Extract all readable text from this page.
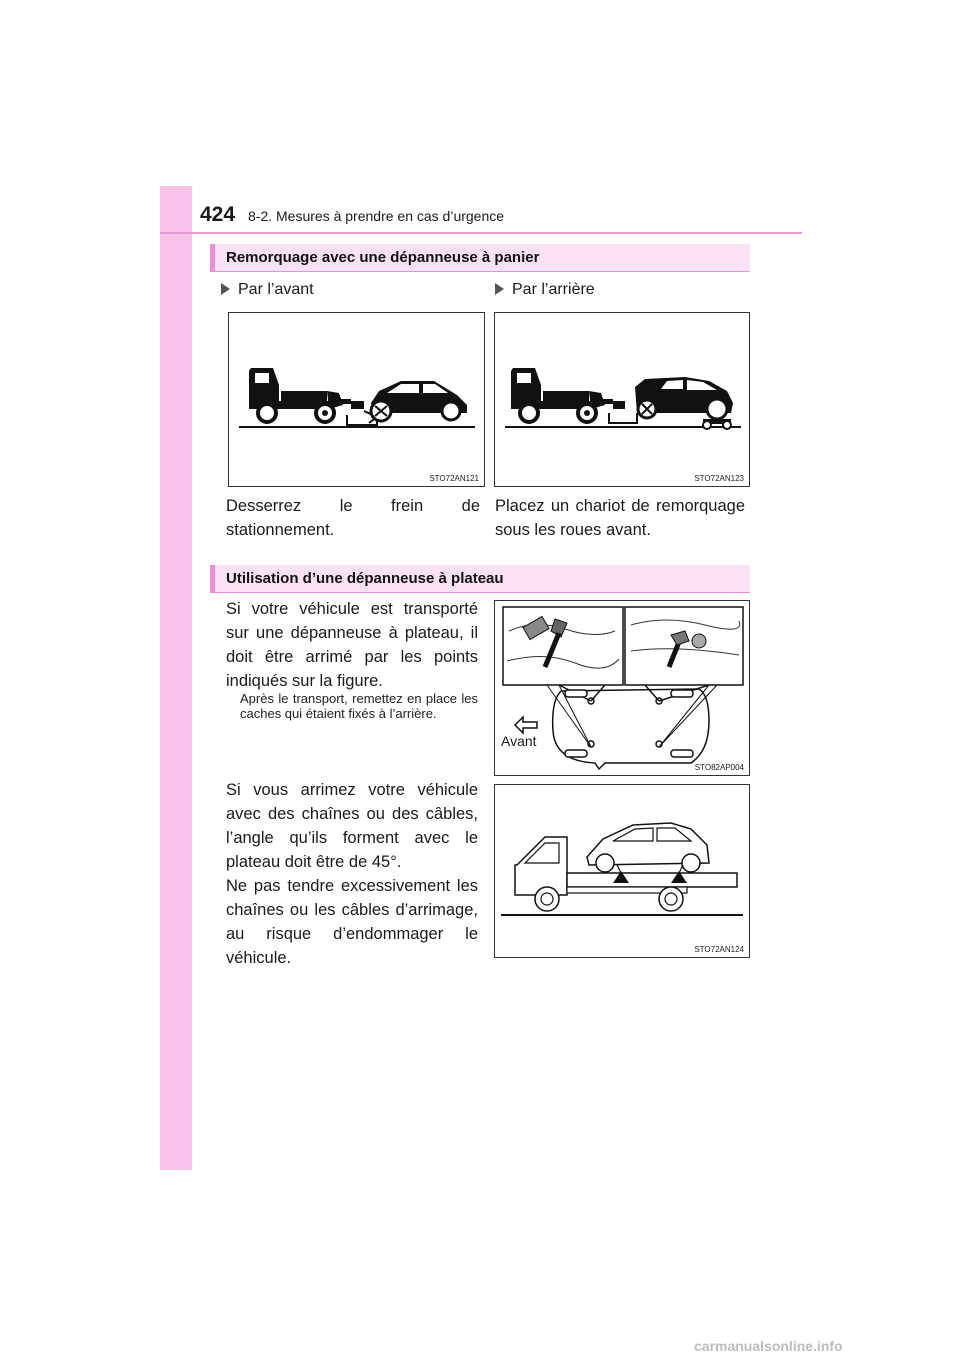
424 8-2. Mesures à prendre en cas d’urgence
Remorquage avec une dépanneuse à panier
Par l’avant	Par l’arrière
STO72AN121	STO72AN123
Desserrez le frein de stationnement.
Placez un chariot de remorquage sous les roues avant.
Utilisation d’une dépanneuse à plateau
Si votre véhicule est transporté sur une dépanneuse à plateau, il doit être arrimé par les points indiqués sur la figure.
Après le transport, remettez en place les caches qui étaient fixés à l’arrière.
Avant
STO82AP004
Si vous arrimez votre véhicule avec des chaînes ou des câbles, l’angle qu’ils forment avec le plateau doit être de 45°.
Ne pas tendre excessivement les chaînes ou les câbles d’arrimage, au risque d’endommager le véhicule.	STO72AN124
carmanualsonline.info
